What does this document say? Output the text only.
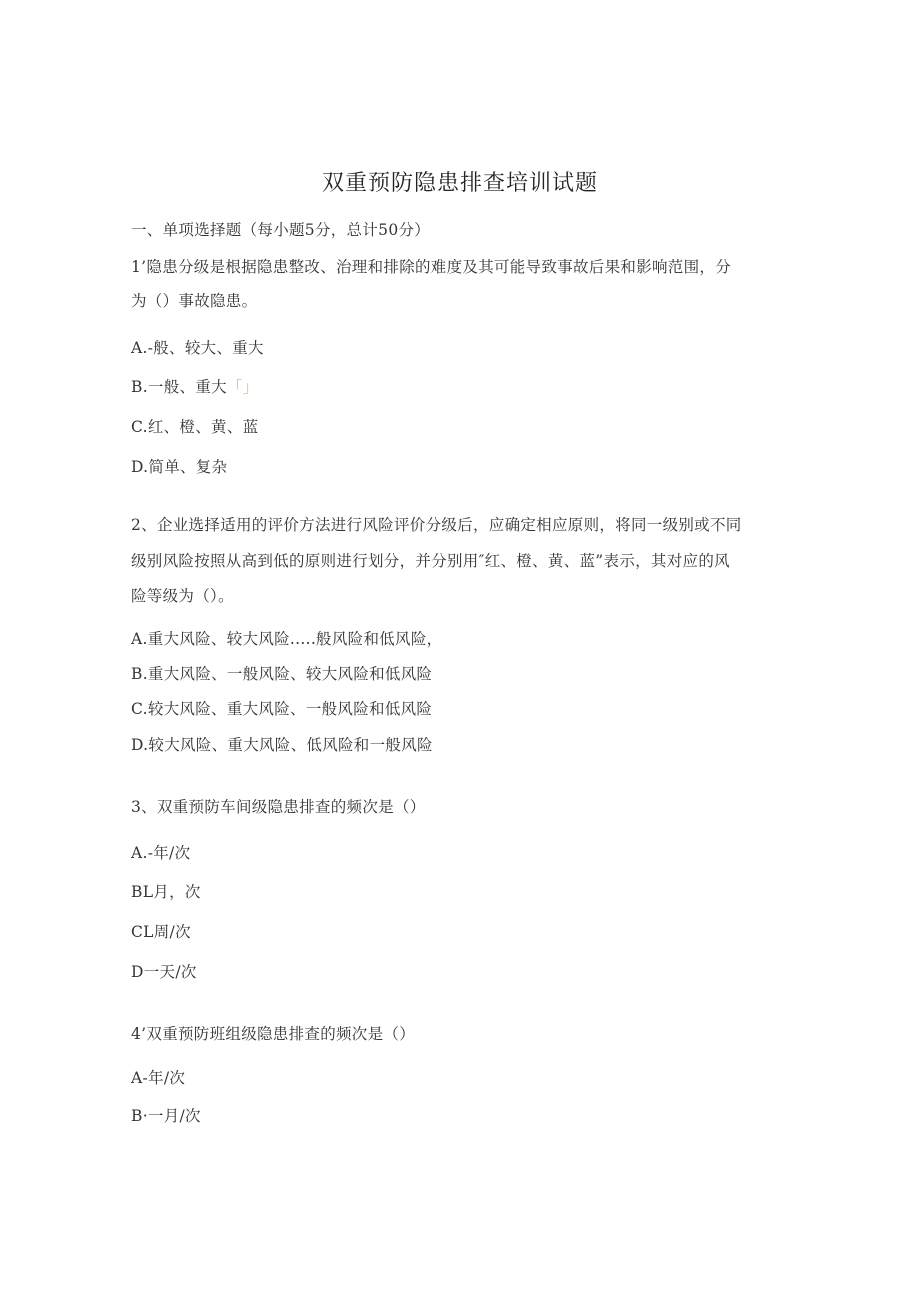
双重预防隐患排查培训试题
一、单项选择题（每小题5分，总计50分）
1’隐患分级是根据隐患整改、治理和排除的难度及其可能导致事故后果和影响范围，分
为（）事故隐患。
A.-般、较大、重大
B.一般、重大「」
C.红、橙、黄、蓝
D.简单、复杂
2、企业选择适用的评价方法进行风险评价分级后，应确定相应原则，将同一级别或不同
级别风险按照从高到低的原则进行划分，并分别用″红、橙、黄、蓝”表示，其对应的风
险等级为（）。
A.重大风险、较大风险.....般风险和低风险，
B.重大风险、一般风险、较大风险和低风险
C.较大风险、重大风险、一般风险和低风险
D.较大风险、重大风险、低风险和一般风险
3、双重预防车间级隐患排查的频次是（）
A.-年/次
BL月，次
CL周/次
D一天/次
4’双重预防班组级隐患排查的频次是（）
A-年/次
B·一月/次
